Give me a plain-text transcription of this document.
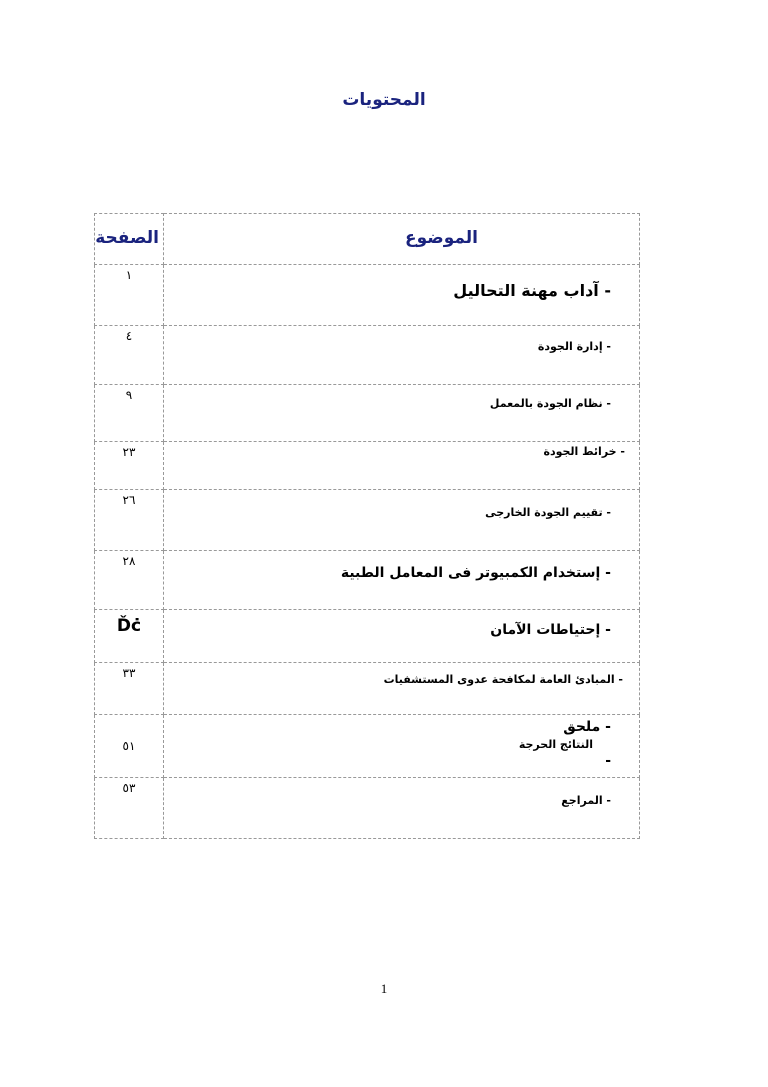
المحتويات
الصفحة	الموضوع
١	- آداب مهنة التحاليل
٤	- إدارة الجودة
٩	- نظام الجودة بالمعمل
٢٣	- خرائط الجودة
٢٦	- تقييم الجودة الخارجى
٢٨	- إستخدام الكمبيوتر فى المعامل الطبية
Ďċ	- إحتياطات الآمان
٣٣	- المبادئ العامة لمكافحة عدوى المستشفيات
٥١	- ملحق
النتائج الحرجة
-

٥٣	- المراجع
1
